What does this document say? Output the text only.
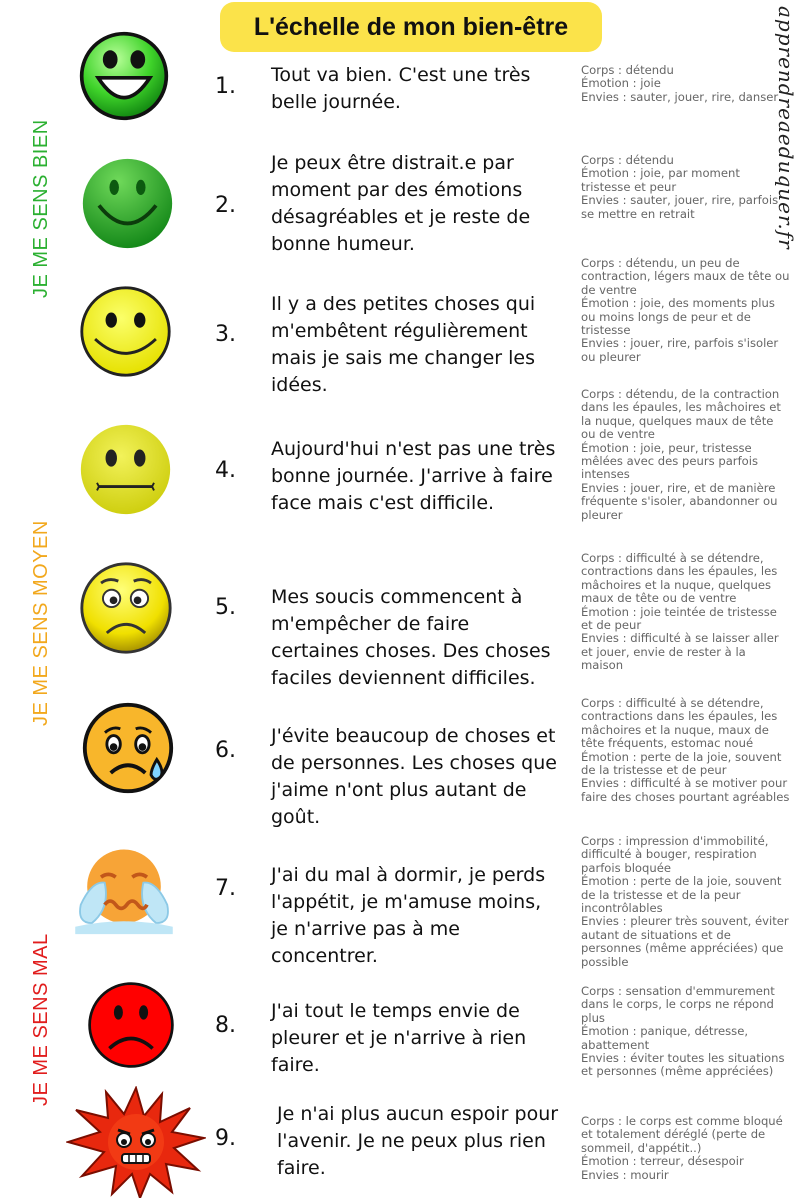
L'échelle de mon bien-être	apprendreaeduquer.fr
JE ME SENS BIEN
JE ME SENS MOYEN
JE ME SENS MAL
1. Tout va bien. C'est une très belle journée.
Corps : détendu
Émotion : joie
Envies : sauter, jouer, rire, danser
2.
Je peux être distrait.e par moment par des émotions désagréables et je reste de bonne humeur.
Corps : détendu
Émotion : joie, par moment tristesse et peur
Envies : sauter, jouer, rire, parfois se mettre en retrait
3.
Il y a des petites choses qui m'embêtent régulièrement mais je sais me changer les idées.
Corps : détendu, un peu de contraction, légers maux de tête ou de ventre
Émotion : joie, des moments plus ou moins longs de peur et de tristesse
Envies : jouer, rire, parfois s'isoler ou pleurer
4.
Aujourd'hui n'est pas une très bonne journée. J'arrive à faire face mais c'est difficile.
Corps : détendu, de la contraction dans les épaules, les mâchoires et la nuque, quelques maux de tête ou de ventre
Émotion : joie, peur, tristesse mêlées avec des peurs parfois intenses
Envies : jouer, rire, et de manière fréquente s'isoler, abandonner ou pleurer
5. Mes soucis commencent à m'empêcher de faire certaines choses. Des choses faciles deviennent difficiles.
Corps : difficulté à se détendre, contractions dans les épaules, les mâchoires et la nuque, quelques maux de tête ou de ventre
Émotion : joie teintée de tristesse et de peur
Envies : difficulté à se laisser aller et jouer, envie de rester à la maison
6.
J'évite beaucoup de choses et de personnes. Les choses que j'aime n'ont plus autant de goût.
Corps : difficulté à se détendre, contractions dans les épaules, les mâchoires et la nuque, maux de tête fréquents, estomac noué
Émotion : perte de la joie, souvent de la tristesse et de peur
Envies : difficulté à se motiver pour faire des choses pourtant agréables
7.
J'ai du mal à dormir, je perds l'appétit, je m'amuse moins, je n'arrive pas à me concentrer.
Corps : impression d'immobilité, difficulté à bouger, respiration parfois bloquée
Émotion : perte de la joie, souvent de la tristesse et de la peur incontrôlables
Envies : pleurer très souvent, éviter autant de situations et de personnes (même appréciées) que possible
8.
J'ai tout le temps envie de pleurer et je n'arrive à rien faire.
Corps : sensation d'emmurement dans le corps, le corps ne répond plus
Émotion : panique, détresse, abattement
Envies : éviter toutes les situations et personnes (même appréciées)
9.
Je n'ai plus aucun espoir pour l'avenir. Je ne peux plus rien faire.
Corps : le corps est comme bloqué et totalement déréglé (perte de sommeil, d'appétit..)
Émotion : terreur, désespoir
Envies : mourir
